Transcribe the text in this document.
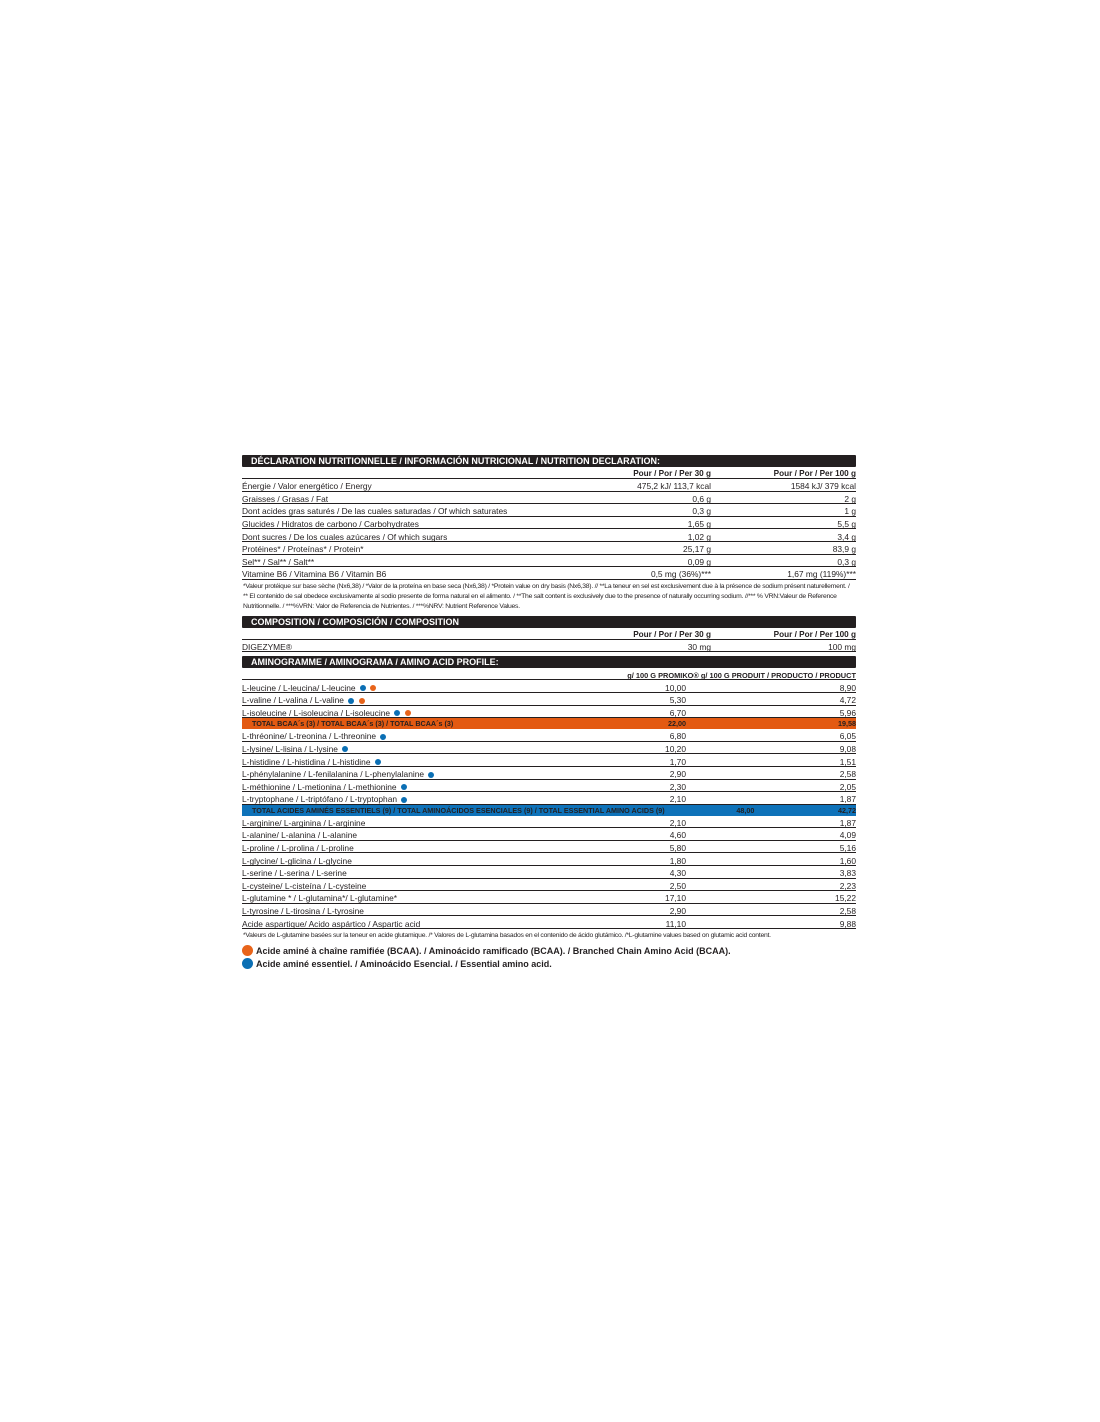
DÉCLARATION NUTRITIONNELLE / INFORMACIÓN NUTRICIONAL / NUTRITION DECLARATION:
Pour / Por / Per 30 g	Pour / Por / Per 100 g
Énergie / Valor energético / Energy	475,2 kJ/ 113,7 kcal	1584 kJ/ 379 kcal
Graisses / Grasas / Fat	0,6 g	2 g
Dont acides gras saturés / De las cuales saturadas / Of which saturates	0,3 g	1 g
Glucides / Hidratos de carbono / Carbohydrates	1,65 g	5,5 g
Dont sucres / De los cuales azúcares / Of which sugars	1,02 g	3,4 g
Protéines* / Proteínas* / Protein*	25,17 g	83,9 g
Sel** / Sal** / Salt**	0,09 g	0,3 g
Vitamine B6 / Vitamina B6 / Vitamin B6	0,5 mg (36%)***	1,67 mg (119%)***
*Valeur protéique sur base sèche (Nx6,38) / *Valor de la proteína en base seca (Nx6,38) / *Protein value on dry basis (Nx6,38). // **La teneur en sel est exclusivement due à la présence de sodium présent naturellement. / ** El contenido de sal obedece exclusivamente al sodio presente de forma natural en el alimento. / **The salt content is exclusively due to the presence of naturally occurring sodium. //*** % VRN:Valeur de Reference Nutritionnelle. / ***%VRN: Valor de Referencia de Nutrientes. / ***%NRV: Nutrient Reference Values.
COMPOSITION / COMPOSICIÓN / COMPOSITION
Pour / Por / Per 30 g	Pour / Por / Per 100 g
DIGEZYME®	30 mg	100 mg
AMINOGRAMME / AMINOGRAMA / AMINO ACID PROFILE:
g/ 100 G PROMIKO® g/ 100 G PRODUIT / PRODUCTO / PRODUCT
L-leucine / L-leucina/ L-leucine	10,00	8,90
L-valine / L-valina / L-valine	5,30	4,72
L-isoleucine / L-isoleucina / L-isoleucine	6,70	5,96
TOTAL BCAA´s (3) / TOTAL BCAA´s (3) / TOTAL BCAA´s (3)	22,00	19,58
L-thréonine/ L-treonina / L-threonine	6,80	6,05
L-lysine/ L-lisina / L-lysine	10,20	9,08
L-histidine / L-histidina / L-histidine	1,70	1,51
L-phénylalanine / L-fenilalanina / L-phenylalanine	2,90	2,58
L-méthionine / L-metionina / L-methionine	2,30	2,05
L-tryptophane / L-triptófano / L-tryptophan	2,10	1,87
TOTAL ACIDES AMINÉS ESSENTIELS (9) / TOTAL AMINOÁCIDOS ESENCIALES (9) / TOTAL ESSENTIAL AMINO ACIDS (9)	48,00	42,72
L-arginine/ L-arginina / L-arginine	2,10	1,87
L-alanine/ L-alanina / L-alanine	4,60	4,09
L-proline / L-prolina / L-proline	5,80	5,16
L-glycine/ L-glicina / L-glycine	1,80	1,60
L-serine / L-serina / L-serine	4,30	3,83
L-cysteine/ L-cisteína / L-cysteine	2,50	2,23
L-glutamine * / L-glutamina*/ L-glutamine*	17,10	15,22
L-tyrosine / L-tirosina / L-tyrosine	2,90	2,58
Acide aspartique/ Acido aspártico / Aspartic acid	11,10	9,88
*Valeurs de L-glutamine basées sur la teneur en acide glutamique. /* Valores de L-glutamina basados en el contenido de ácido glutámico. /*L-glutamine values based on glutamic acid content.
Acide aminé à chaîne ramifiée (BCAA). / Aminoácido ramificado (BCAA). / Branched Chain Amino Acid (BCAA).
Acide aminé essentiel. / Aminoácido Esencial. / Essential amino acid.
